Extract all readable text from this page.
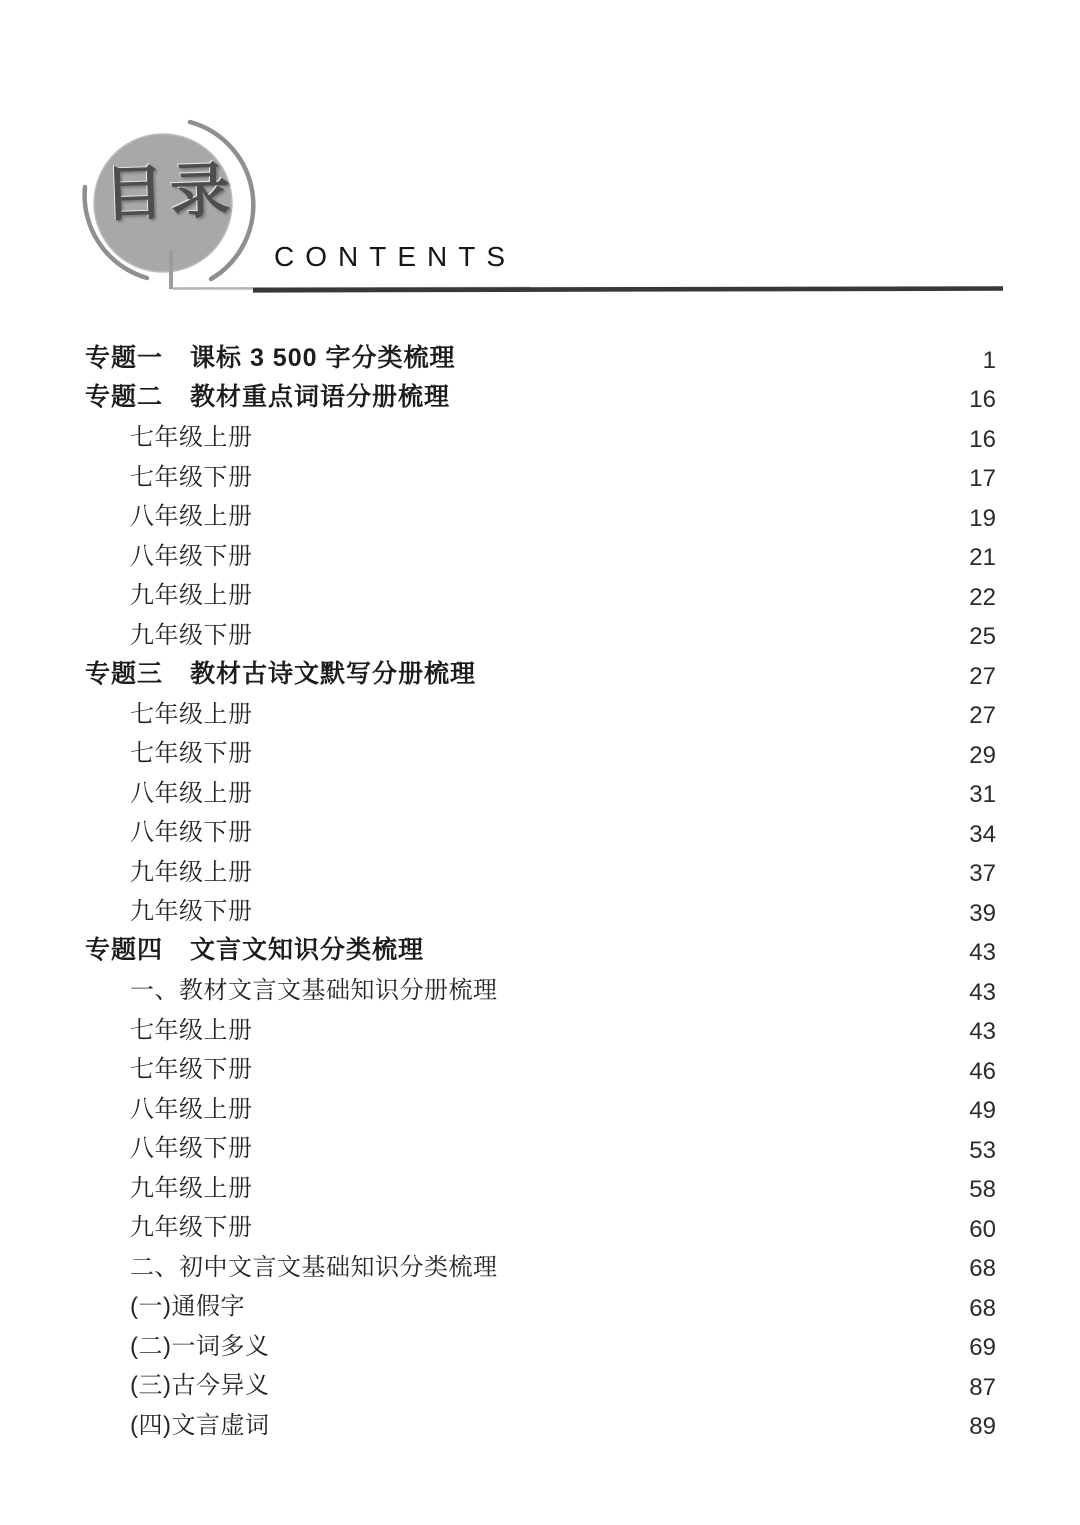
目录
CONTENTS
专题一 课标 3 500 字分类梳理	1
专题二 教材重点词语分册梳理	16
七年级上册	16
七年级下册	17
八年级上册	19
八年级下册	21
九年级上册	22
九年级下册	25
专题三 教材古诗文默写分册梳理	27
七年级上册	27
七年级下册	29
八年级上册	31
八年级下册	34
九年级上册	37
九年级下册	39
专题四 文言文知识分类梳理	43
一、教材文言文基础知识分册梳理	43
七年级上册	43
七年级下册	46
八年级上册	49
八年级下册	53
九年级上册	58
九年级下册	60
二、初中文言文基础知识分类梳理	68
(一)通假字	68
(二)一词多义	69
(三)古今异义	87
(四)文言虚词	89
